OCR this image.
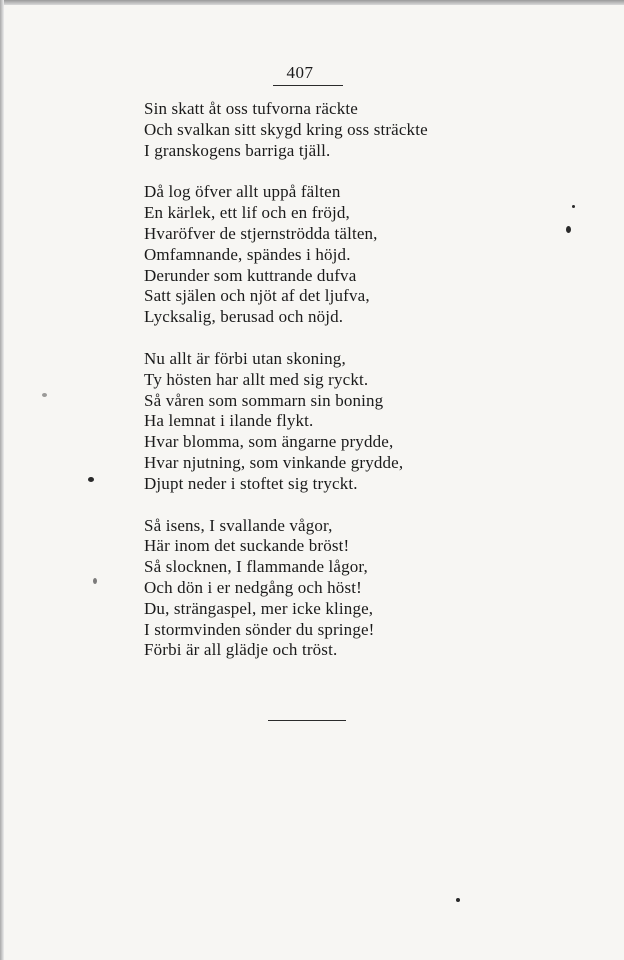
407
Sin skatt åt oss tufvorna räckte
Och svalkan sitt skygd kring oss sträckte
I granskogens barriga tjäll.
Då log öfver allt uppå fälten
En kärlek, ett lif och en fröjd,
Hvaröfver de stjernströdda tälten,
Omfamnande, spändes i höjd.
Derunder som kuttrande dufva
Satt själen och njöt af det ljufva,
Lycksalig, berusad och nöjd.
Nu allt är förbi utan skoning,
Ty hösten har allt med sig ryckt.
Så våren som sommarn sin boning
Ha lemnat i ilande flykt.
Hvar blomma, som ängarne prydde,
Hvar njutning, som vinkande grydde,
Djupt neder i stoftet sig tryckt.
Så isens, I svallande vågor,
Här inom det suckande bröst!
Så slocknen, I flammande lågor,
Och dön i er nedgång och höst!
Du, strängaspel, mer icke klinge,
I stormvinden sönder du springe!
Förbi är all glädje och tröst.
